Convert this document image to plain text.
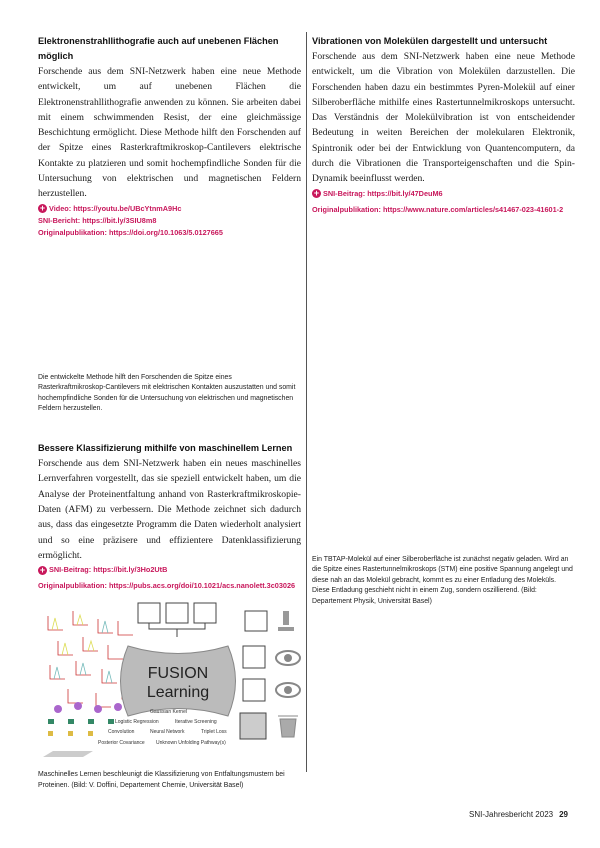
Elektronenstrahllithografie auch auf unebenen Flächen möglich

Forschende aus dem SNI-Netzwerk haben eine neue Methode entwickelt, um auf unebenen Flächen die Elektronenstrahllithografie anwenden zu können. Sie arbeiten dabei mit einem schwimmenden Resist, der eine gleichmässige Beschichtung ermöglicht. Diese Methode hilft den Forschenden auf der Spitze eines Rasterkraftmikroskop-Cantilevers elektrische Kontakte zu platzieren und somit hochempfindliche Sonden für die Untersuchung von elektrischen und magnetischen Feldern herzustellen.

+ Video: https://youtu.be/UBcYtnmA9Hc
SNI-Bericht: https://bit.ly/3SIU8m8
Originalpublikation: https://doi.org/10.1063/5.0127665

Die entwickelte Methode hilft den Forschenden die Spitze eines Rasterkraftmikroskop-Cantilevers mit elektrischen Kontakten auszustatten und somit hochempfindliche Sonden für die Untersuchung von elektrischen und magnetischen Feldern herzustellen.

Bessere Klassifizierung mithilfe von maschinellem Lernen

Forschende aus dem SNI-Netzwerk haben ein neues maschinelles Lernverfahren vorgestellt, das sie speziell entwickelt haben, um die Analyse der Proteinentfaltung anhand von Rasterkraftmikroskopie-Daten (AFM) zu verbessern. Die Methode zeichnet sich dadurch aus, dass das eingesetzte Programm die Daten wiederholt analysiert und so eine präzisere und effizientere Datenklassifizierung ermöglicht.

+ SNI-Beitrag: https://bit.ly/3Ho2UtB
Originalpublikation: https://pubs.acs.org/doi/10.1021/acs.nanolett.3c03026
FUSION
Learning
Gaussian Kernel
Logistic Regression	Iterative Screening
Convolution	Neural Network	Triplet Loss
Posterior Covariance Unknown Unfolding Pathway(s)

Maschinelles Lernen beschleunigt die Klassifizierung von Entfaltungsmustern bei Proteinen. (Bild: V. Doffini, Departement Chemie, Universität Basel)

Vibrationen von Molekülen dargestellt und untersucht

Forschende aus dem SNI-Netzwerk haben eine neue Methode entwickelt, um die Vibration von Molekülen darzustellen. Die Forschenden haben dazu ein bestimmtes Pyren-Molekül auf einer Silberoberfläche mithilfe eines Rastertunnelmikroskops untersucht. Das Verständnis der Molekülvibration ist von entscheidender Bedeutung in weiten Bereichen der molekularen Elektronik, Spintronik oder bei der Entwicklung von Quantencomputern, da durch die Vibrationen die Transporteigenschaften und die Spin-Dynamik beeinflusst werden.

+ SNI-Beitrag: https://bit.ly/47DeuM6
Originalpublikation: https://www.nature.com/articles/s41467-023-41601-2

Ein TBTAP-Molekül auf einer Silberoberfläche ist zunächst negativ geladen. Wird an die Spitze eines Rastertunnelmikroskops (STM) eine positive Spannung angelegt und diese nah an das Molekül gebracht, kommt es zu einer Entladung des Moleküls. Diese Entladung geschieht nicht in einem Zug, sondern oszillierend. (Bild: Departement Physik, Universität Basel)

SNI-Jahresbericht 2023 29
